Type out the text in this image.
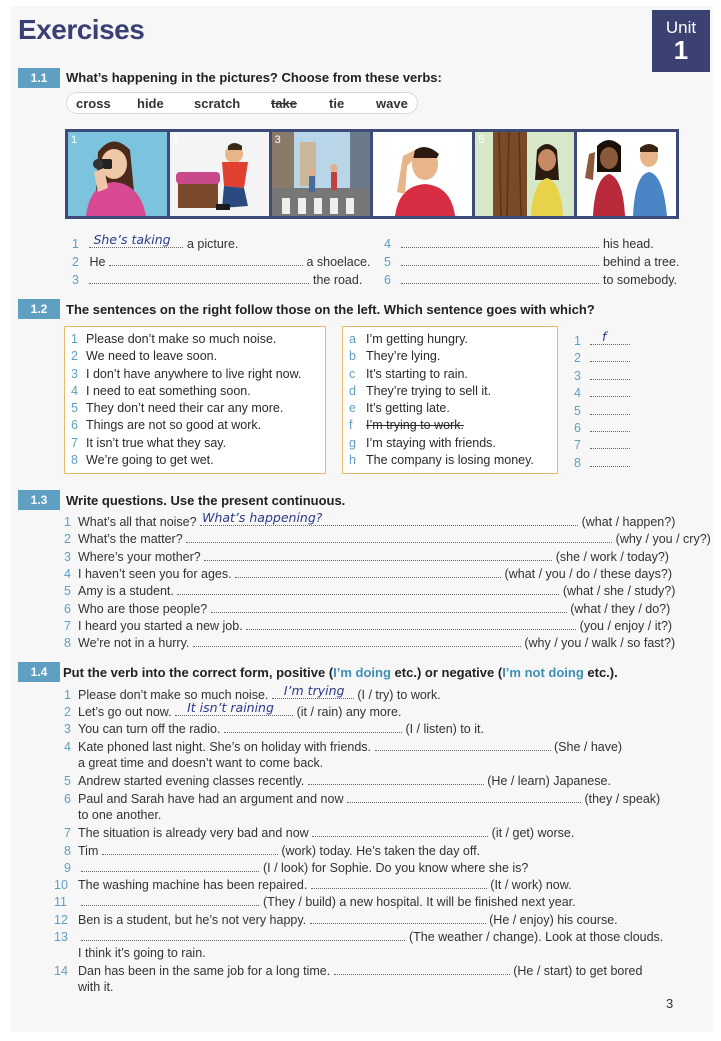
Exercises	Unit
1
1.1	What’s happening in the pictures? Choose from these verbs:
cross hide scratch take tie wave
1	2	3	4	5	6
1 She’s taking a picture.
2 He	a shoelace.
3	the road.
4	his head.
5	behind a tree.
6	to somebody.
1.2	The sentences on the right follow those on the left. Which sentence goes with which?
1 Please don’t make so much noise.
2 We need to leave soon.
3 I don’t have anywhere to live right now.
4 I need to eat something soon.
5 They don’t need their car any more.
6 Things are not so good at work.
7 It isn’t true what they say.
8 We’re going to get wet.
a I’m getting hungry.
b They’re lying.
c It’s starting to rain.
d They’re trying to sell it.
e It’s getting late.
f I’m trying to work.
g I’m staying with friends.
h The company is losing money.
1 f
2
3
4
5
6
7
8
1.3	Write questions. Use the present continuous.
1 What’s all that noise? What’s happening?	(what / happen?)
2 What’s the matter?	(why / you / cry?)
3 Where’s your mother?	(she / work / today?)
4 I haven’t seen you for ages.	(what / you / do / these days?)
5 Amy is a student.	(what / she / study?)
6 Who are those people?	(what / they / do?)
7 I heard you started a new job.	(you / enjoy / it?)
8 We’re not in a hurry.	(why / you / walk / so fast?)
1.4	Put the verb into the correct form, positive (I’m doing etc.) or negative (I’m not doing etc.).
1 Please don’t make so much noise. I’m trying (I / try) to work.
2 Let’s go out now. It isn’t raining (it / rain) any more.
3 You can turn off the radio.	(I / listen) to it.
4 Kate phoned last night. She’s on holiday with friends.	(She / have)
a great time and doesn’t want to come back.
5 Andrew started evening classes recently.	(He / learn) Japanese.
6 Paul and Sarah have had an argument and now	(they / speak)
to one another.
7 The situation is already very bad and now	(it / get) worse.
8 Tim	(work) today. He’s taken the day off.
9	(I / look) for Sophie. Do you know where she is?
10 The washing machine has been repaired.	(It / work) now.
11	(They / build) a new hospital. It will be finished next year.
12 Ben is a student, but he’s not very happy.	(He / enjoy) his course.
13	(The weather / change). Look at those clouds.
I think it’s going to rain.
14 Dan has been in the same job for a long time.	(He / start) to get bored
with it.
3
